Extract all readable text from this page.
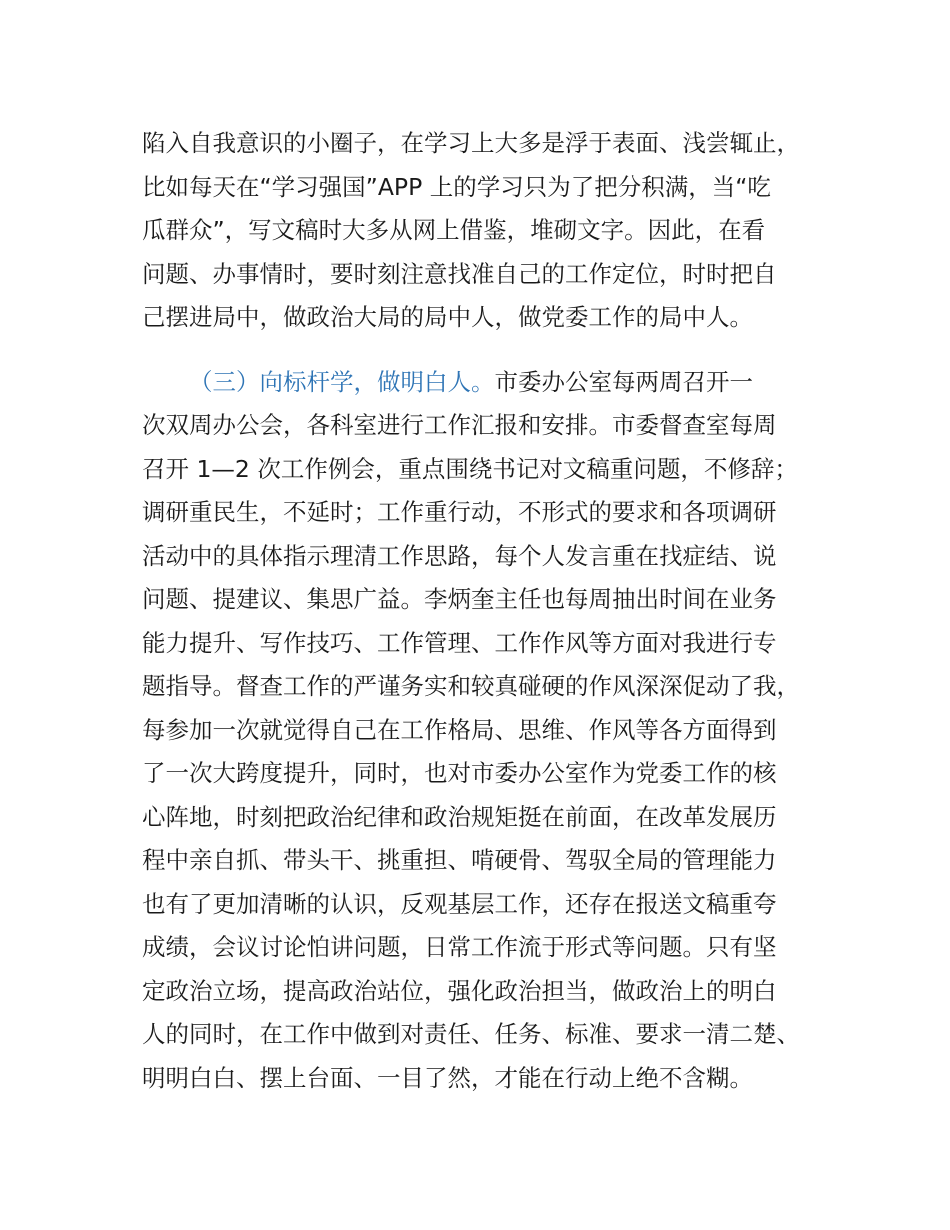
陷入自我意识的小圈子，在学习上大多是浮于表面、浅尝辄止，
比如每天在“学习强国”APP 上的学习只为了把分积满，当“吃
瓜群众”，写文稿时大多从网上借鉴，堆砌文字。因此，在看
问题、办事情时，要时刻注意找准自己的工作定位，时时把自
己摆进局中，做政治大局的局中人，做党委工作的局中人。
（三）向标杆学，做明白人。市委办公室每两周召开一
次双周办公会，各科室进行工作汇报和安排。市委督查室每周
召开 1—2 次工作例会，重点围绕书记对文稿重问题，不修辞；
调研重民生，不延时；工作重行动，不形式的要求和各项调研
活动中的具体指示理清工作思路，每个人发言重在找症结、说
问题、提建议、集思广益。李炳奎主任也每周抽出时间在业务
能力提升、写作技巧、工作管理、工作作风等方面对我进行专
题指导。督查工作的严谨务实和较真碰硬的作风深深促动了我，
每参加一次就觉得自己在工作格局、思维、作风等各方面得到
了一次大跨度提升，同时，也对市委办公室作为党委工作的核
心阵地，时刻把政治纪律和政治规矩挺在前面，在改革发展历
程中亲自抓、带头干、挑重担、啃硬骨、驾驭全局的管理能力
也有了更加清晰的认识，反观基层工作，还存在报送文稿重夸
成绩，会议讨论怕讲问题，日常工作流于形式等问题。只有坚
定政治立场，提高政治站位，强化政治担当，做政治上的明白
人的同时，在工作中做到对责任、任务、标准、要求一清二楚、
明明白白、摆上台面、一目了然，才能在行动上绝不含糊。
